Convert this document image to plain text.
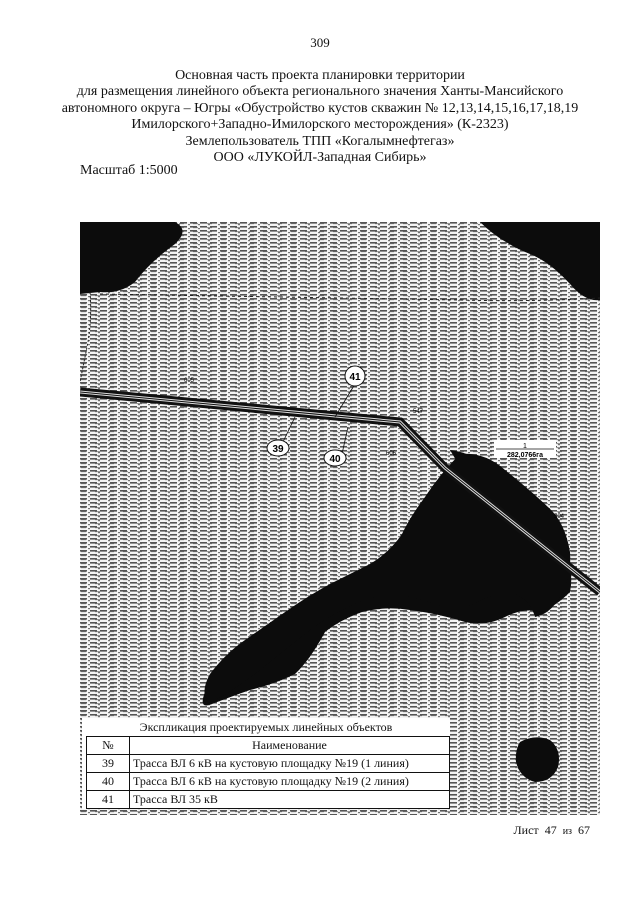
309
Основная часть проекта планировки территории
для размещения линейного объекта регионального значения Ханты-Мансийского
автономного округа – Югры «Обустройство кустов скважин № 12,13,14,15,16,17,18,19
Имилорского+Западно-Имилорского месторождения» (К-2323)
Землепользователь ТПП «Когалымнефтегаз»
ООО «ЛУКОЙЛ-Западная Сибирь»
Масштаб 1:5000
41
39
40
605
547
606
504
1
282,0766га
Экспликация проектируемых линейных объектов
№	Наименование
39	Трасса ВЛ 6 кВ на кустовую площадку №19 (1 линия)
40	Трасса ВЛ 6 кВ на кустовую площадку №19 (2 линия)
41	Трасса ВЛ 35 кВ
Лист 47 из 67
